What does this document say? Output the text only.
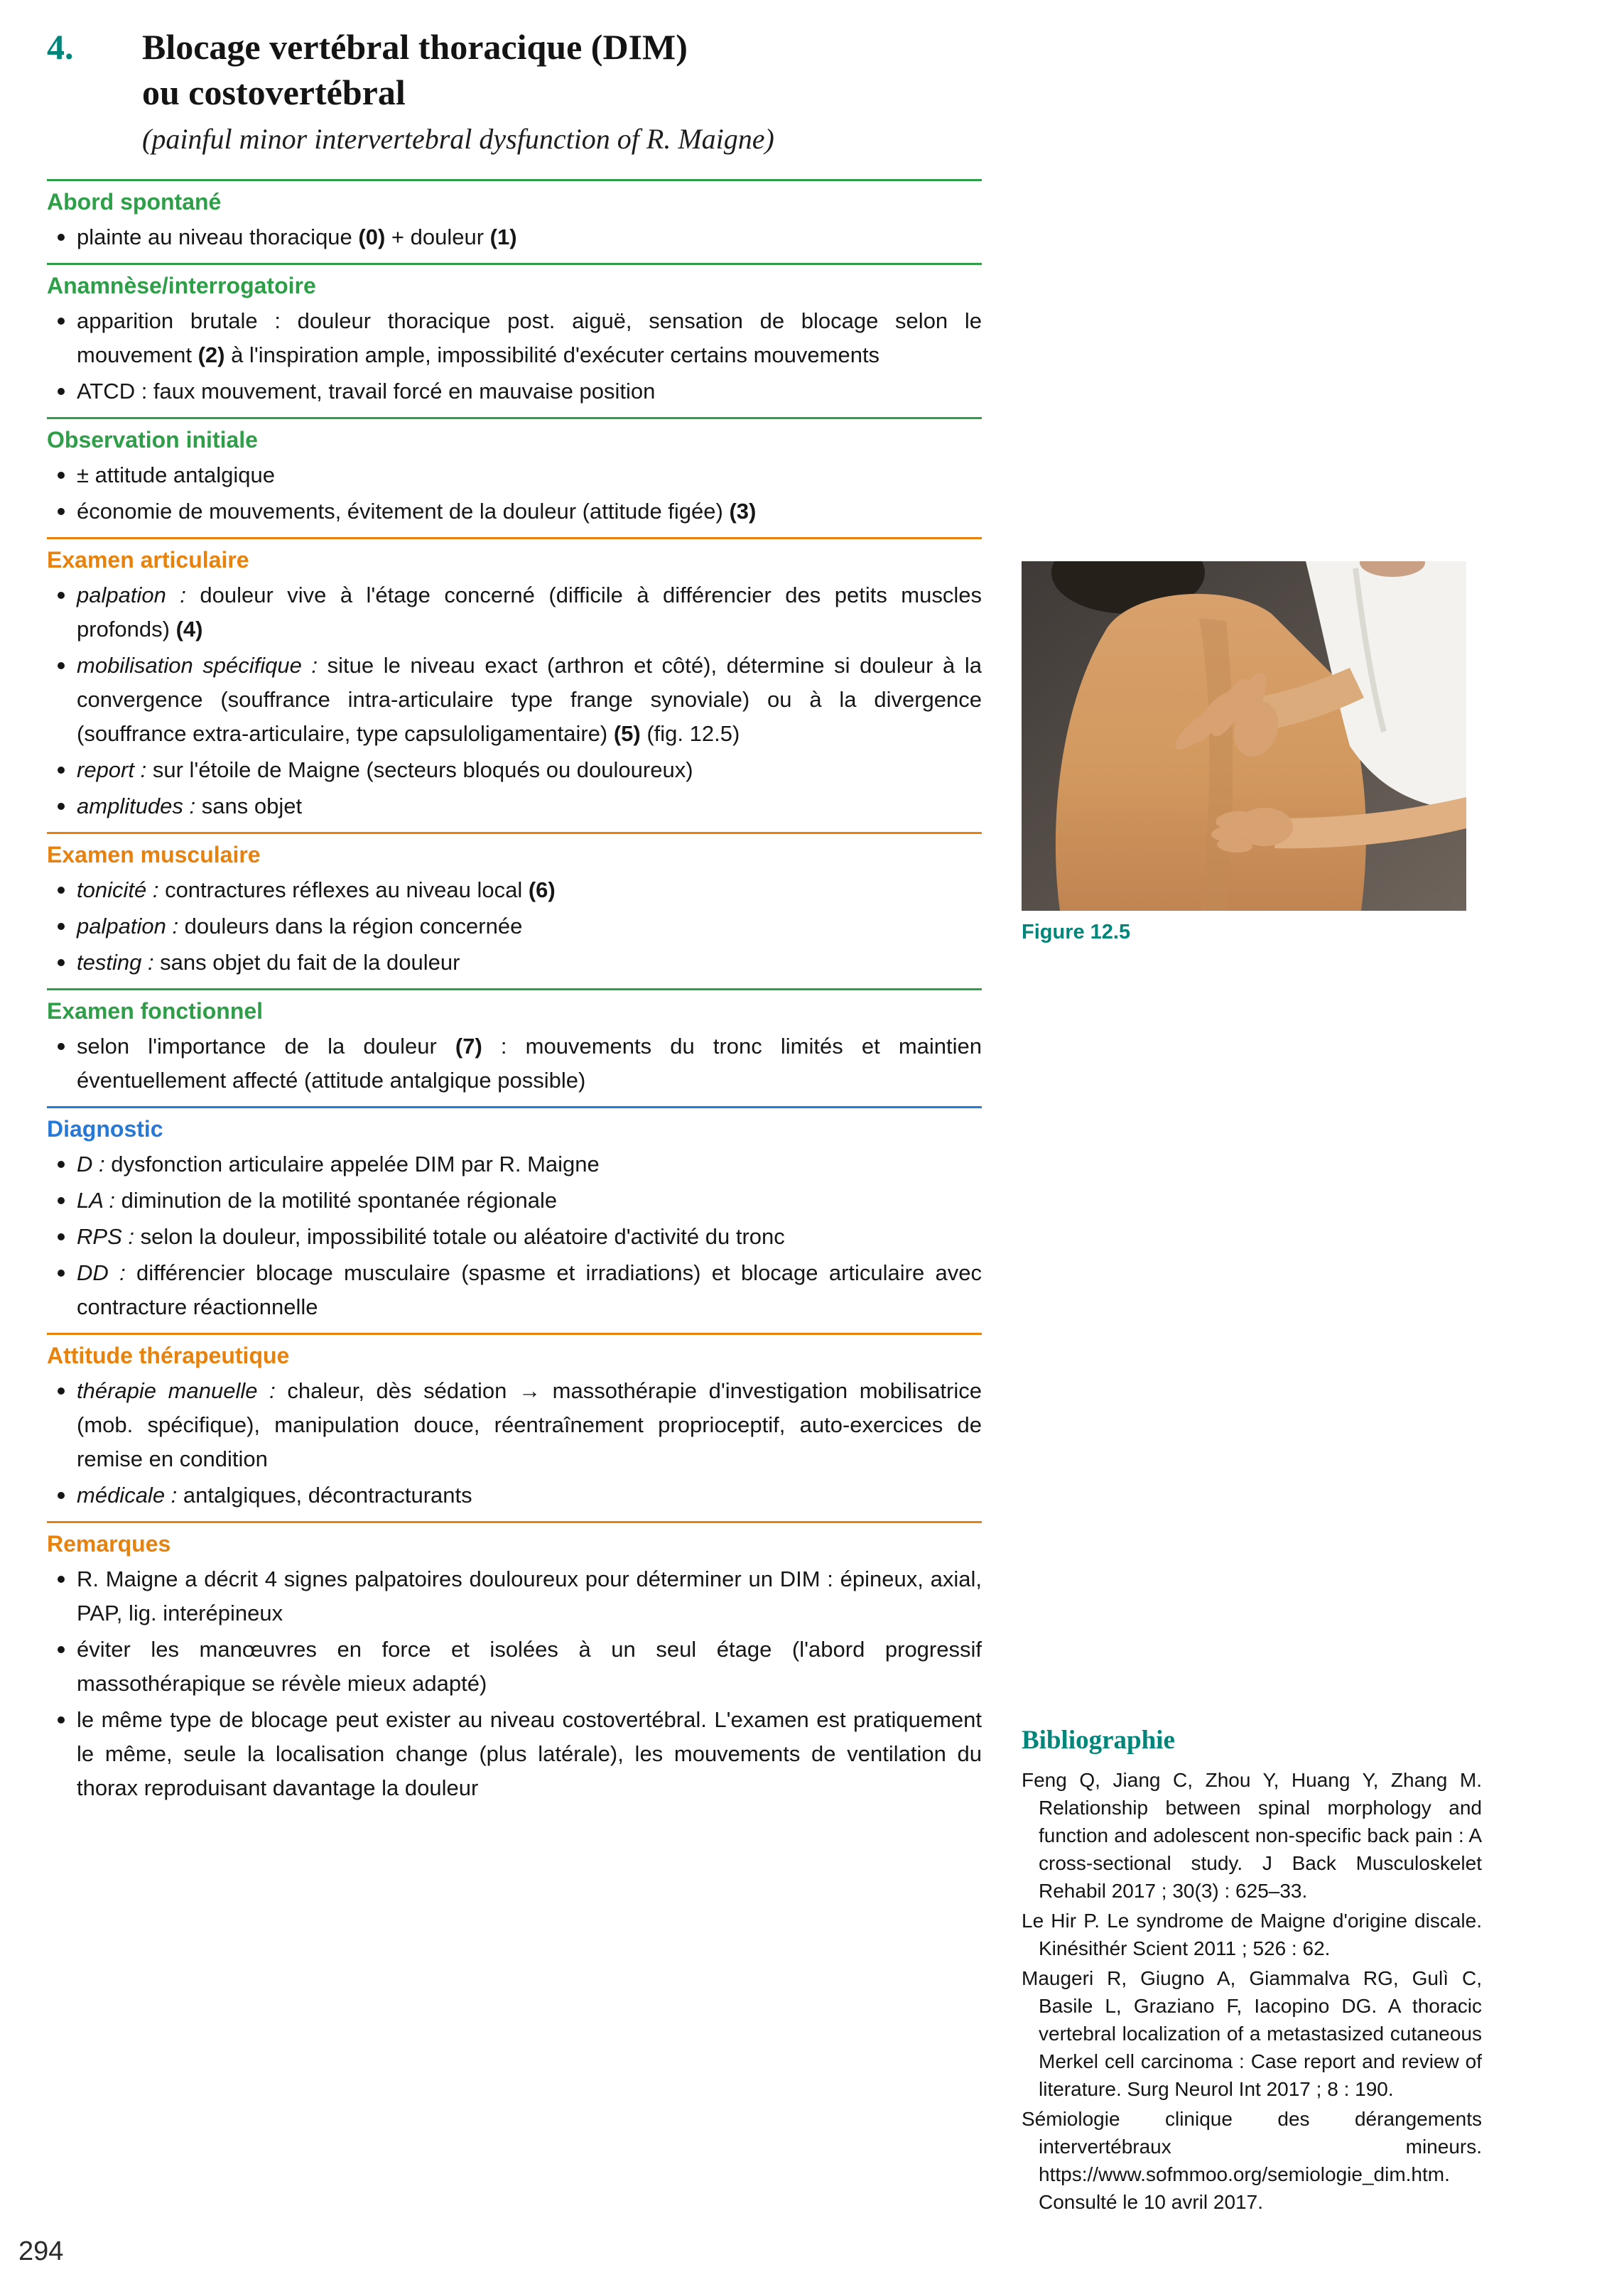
4. Blocage vertébral thoracique (DIM)
ou costovertébral
(painful minor intervertebral dysfunction of R. Maigne)
Abord spontané
plainte au niveau thoracique (0) + douleur (1)
Anamnèse/interrogatoire
apparition brutale : douleur thoracique post. aiguë, sensation de blocage selon le mouvement (2) à l'inspiration ample, impossibilité d'exécuter certains mouvements
ATCD : faux mouvement, travail forcé en mauvaise position
Observation initiale
± attitude antalgique
économie de mouvements, évitement de la douleur (attitude figée) (3)
Examen articulaire
palpation : douleur vive à l'étage concerné (difficile à différencier des petits muscles profonds) (4)
mobilisation spécifique : situe le niveau exact (arthron et côté), détermine si douleur à la convergence (souffrance intra-articulaire type frange synoviale) ou à la divergence (souffrance extra-articulaire, type capsuloligamentaire) (5) (fig. 12.5)
report : sur l'étoile de Maigne (secteurs bloqués ou douloureux)
amplitudes : sans objet
Examen musculaire
tonicité : contractures réflexes au niveau local (6)
palpation : douleurs dans la région concernée
testing : sans objet du fait de la douleur
Examen fonctionnel
selon l'importance de la douleur (7) : mouvements du tronc limités et maintien éventuellement affecté (attitude antalgique possible)
Diagnostic
D : dysfonction articulaire appelée DIM par R. Maigne
LA : diminution de la motilité spontanée régionale
RPS : selon la douleur, impossibilité totale ou aléatoire d'activité du tronc
DD : différencier blocage musculaire (spasme et irradiations) et blocage articulaire avec contracture réactionnelle
Attitude thérapeutique
thérapie manuelle : chaleur, dès sédation → massothérapie d'investigation mobilisatrice (mob. spécifique), manipulation douce, réentraînement proprioceptif, auto-exercices de remise en condition
médicale : antalgiques, décontracturants
Remarques
R. Maigne a décrit 4 signes palpatoires douloureux pour déterminer un DIM : épineux, axial, PAP, lig. interépineux
éviter les manœuvres en force et isolées à un seul étage (l'abord progressif massothérapique se révèle mieux adapté)
le même type de blocage peut exister au niveau costovertébral. L'examen est pratiquement le même, seule la localisation change (plus latérale), les mouvements de ventilation du thorax reproduisant davantage la douleur
Figure 12.5
Bibliographie

Feng Q, Jiang C, Zhou Y, Huang Y, Zhang M. Relationship between spinal morphology and function and adolescent non-specific back pain : A cross-sectional study. J Back Musculoskelet Rehabil 2017 ; 30(3) : 625–33.

Le Hir P. Le syndrome de Maigne d'origine discale. Kinésithér Scient 2011 ; 526 : 62.

Maugeri R, Giugno A, Giammalva RG, Gulì C, Basile L, Graziano F, Iacopino DG. A thoracic vertebral localization of a metastasized cutaneous Merkel cell carcinoma : Case report and review of literature. Surg Neurol Int 2017 ; 8 : 190.

Sémiologie clinique des dérangements intervertébraux mineurs. https://www.sofmmoo.org/semiologie_dim.htm. Consulté le 10 avril 2017.

294
